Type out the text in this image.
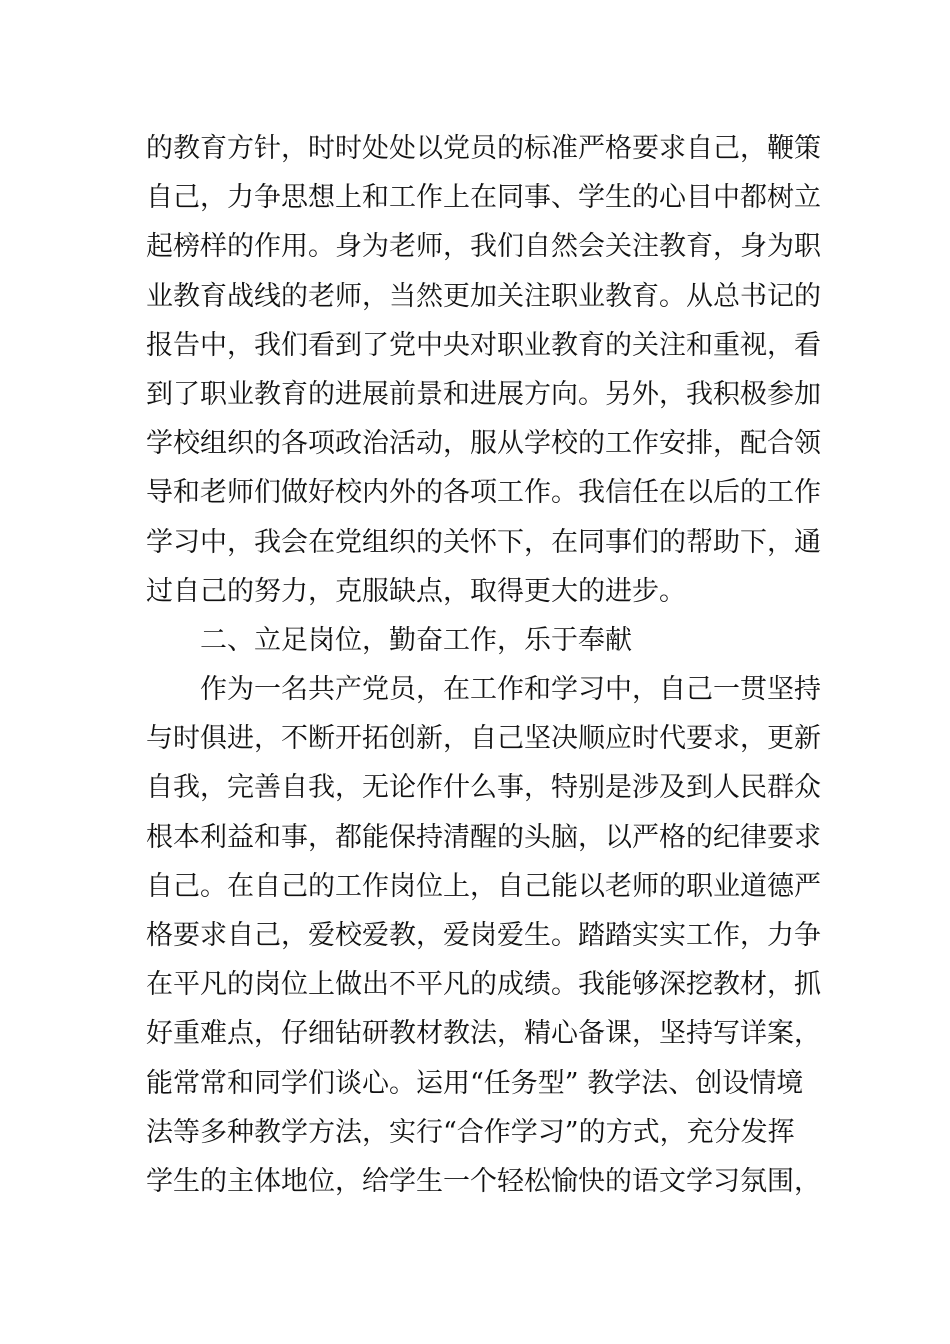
的教育方针，时时处处以党员的标准严格要求自己，鞭策
自己，力争思想上和工作上在同事、学生的心目中都树立
起榜样的作用。身为老师，我们自然会关注教育，身为职
业教育战线的老师，当然更加关注职业教育。从总书记的
报告中，我们看到了党中央对职业教育的关注和重视，看
到了职业教育的进展前景和进展方向。另外，我积极参加
学校组织的各项政治活动，服从学校的工作安排，配合领
导和老师们做好校内外的各项工作。我信任在以后的工作
学习中，我会在党组织的关怀下，在同事们的帮助下，通
过自己的努力，克服缺点，取得更大的进步。
二、立足岗位，勤奋工作，乐于奉献
作为一名共产党员，在工作和学习中，自己一贯坚持
与时俱进，不断开拓创新，自己坚决顺应时代要求，更新
自我，完善自我，无论作什么事，特别是涉及到人民群众
根本利益和事，都能保持清醒的头脑，以严格的纪律要求
自己。在自己的工作岗位上，自己能以老师的职业道德严
格要求自己，爱校爱教，爱岗爱生。踏踏实实工作，力争
在平凡的岗位上做出不平凡的成绩。我能够深挖教材，抓
好重难点，仔细钻研教材教法，精心备课，坚持写详案，
能常常和同学们谈心。运用“任务型” 教学法、创设情境
法等多种教学方法，实行“合作学习”的方式，充分发挥
学生的主体地位，给学生一个轻松愉快的语文学习氛围，
